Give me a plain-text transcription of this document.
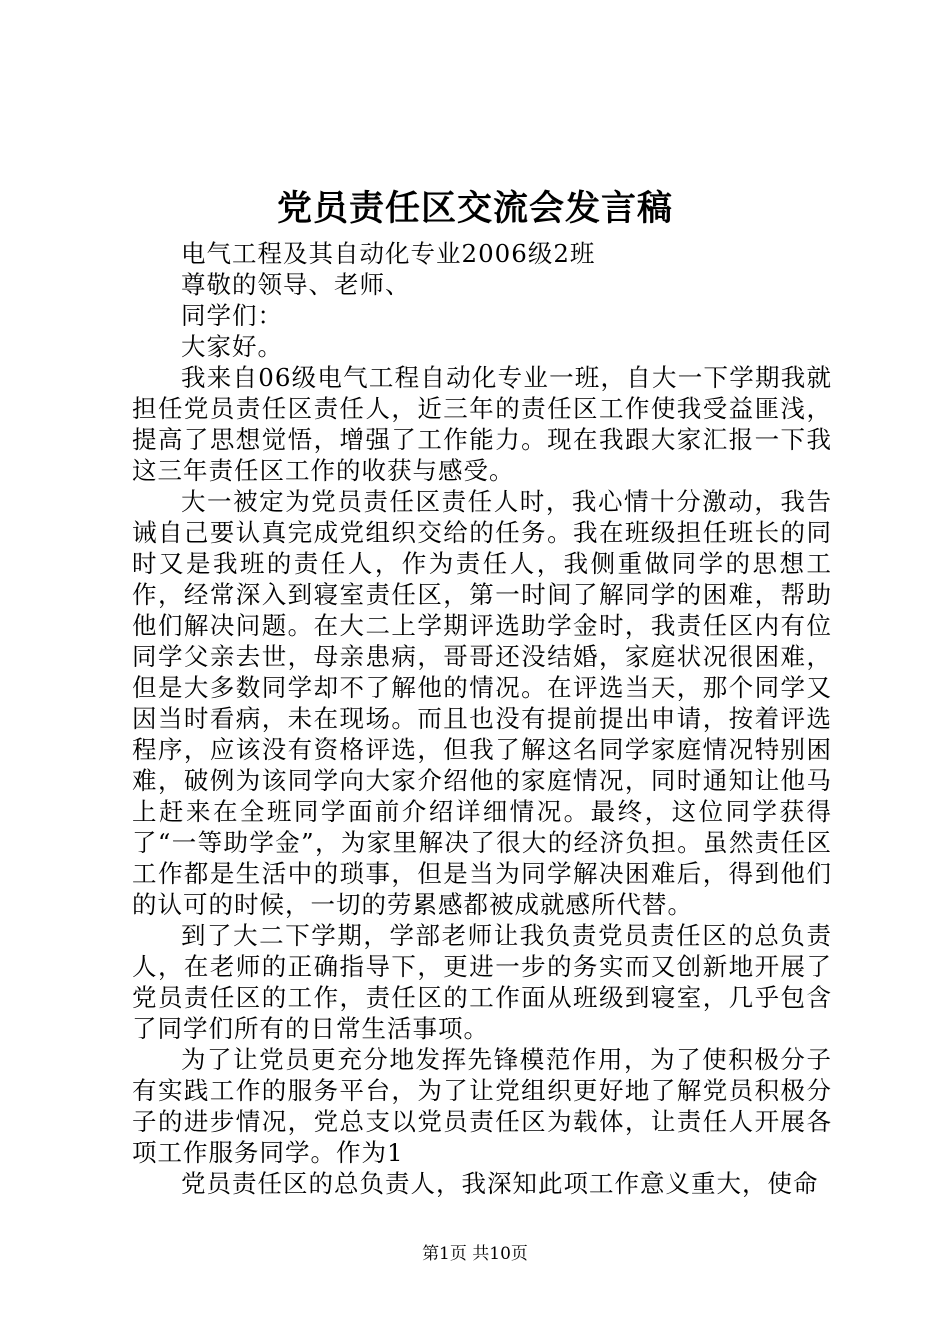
党员责任区交流会发言稿

电气工程及其自动化专业2006级2班

尊敬的领导、老师、

同学们：

大家好。

我来自06级电气工程自动化专业一班，自大一下学期我就担任党员责任区责任人，近三年的责任区工作使我受益匪浅，提高了思想觉悟，增强了工作能力。现在我跟大家汇报一下我这三年责任区工作的收获与感受。

大一被定为党员责任区责任人时，我心情十分激动，我告诫自己要认真完成党组织交给的任务。我在班级担任班长的同时又是我班的责任人，作为责任人，我侧重做同学的思想工作，经常深入到寝室责任区，第一时间了解同学的困难，帮助他们解决问题。在大二上学期评选助学金时，我责任区内有位同学父亲去世，母亲患病，哥哥还没结婚，家庭状况很困难，但是大多数同学却不了解他的情况。在评选当天，那个同学又因当时看病，未在现场。而且也没有提前提出申请，按着评选程序，应该没有资格评选，但我了解这名同学家庭情况特别困难，破例为该同学向大家介绍他的家庭情况，同时通知让他马上赶来在全班同学面前介绍详细情况。最终，这位同学获得了“一等助学金”，为家里解决了很大的经济负担。虽然责任区工作都是生活中的琐事，但是当为同学解决困难后，得到他们的认可的时候，一切的劳累感都被成就感所代替。

到了大二下学期，学部老师让我负责党员责任区的总负责人，在老师的正确指导下，更进一步的务实而又创新地开展了党员责任区的工作，责任区的工作面从班级到寝室，几乎包含了同学们所有的日常生活事项。

为了让党员更充分地发挥先锋模范作用，为了使积极分子有实践工作的服务平台，为了让党组织更好地了解党员积极分子的进步情况，党总支以党员责任区为载体，让责任人开展各项工作服务同学。作为1

党员责任区的总负责人，我深知此项工作意义重大，使命

第1页 共10页
